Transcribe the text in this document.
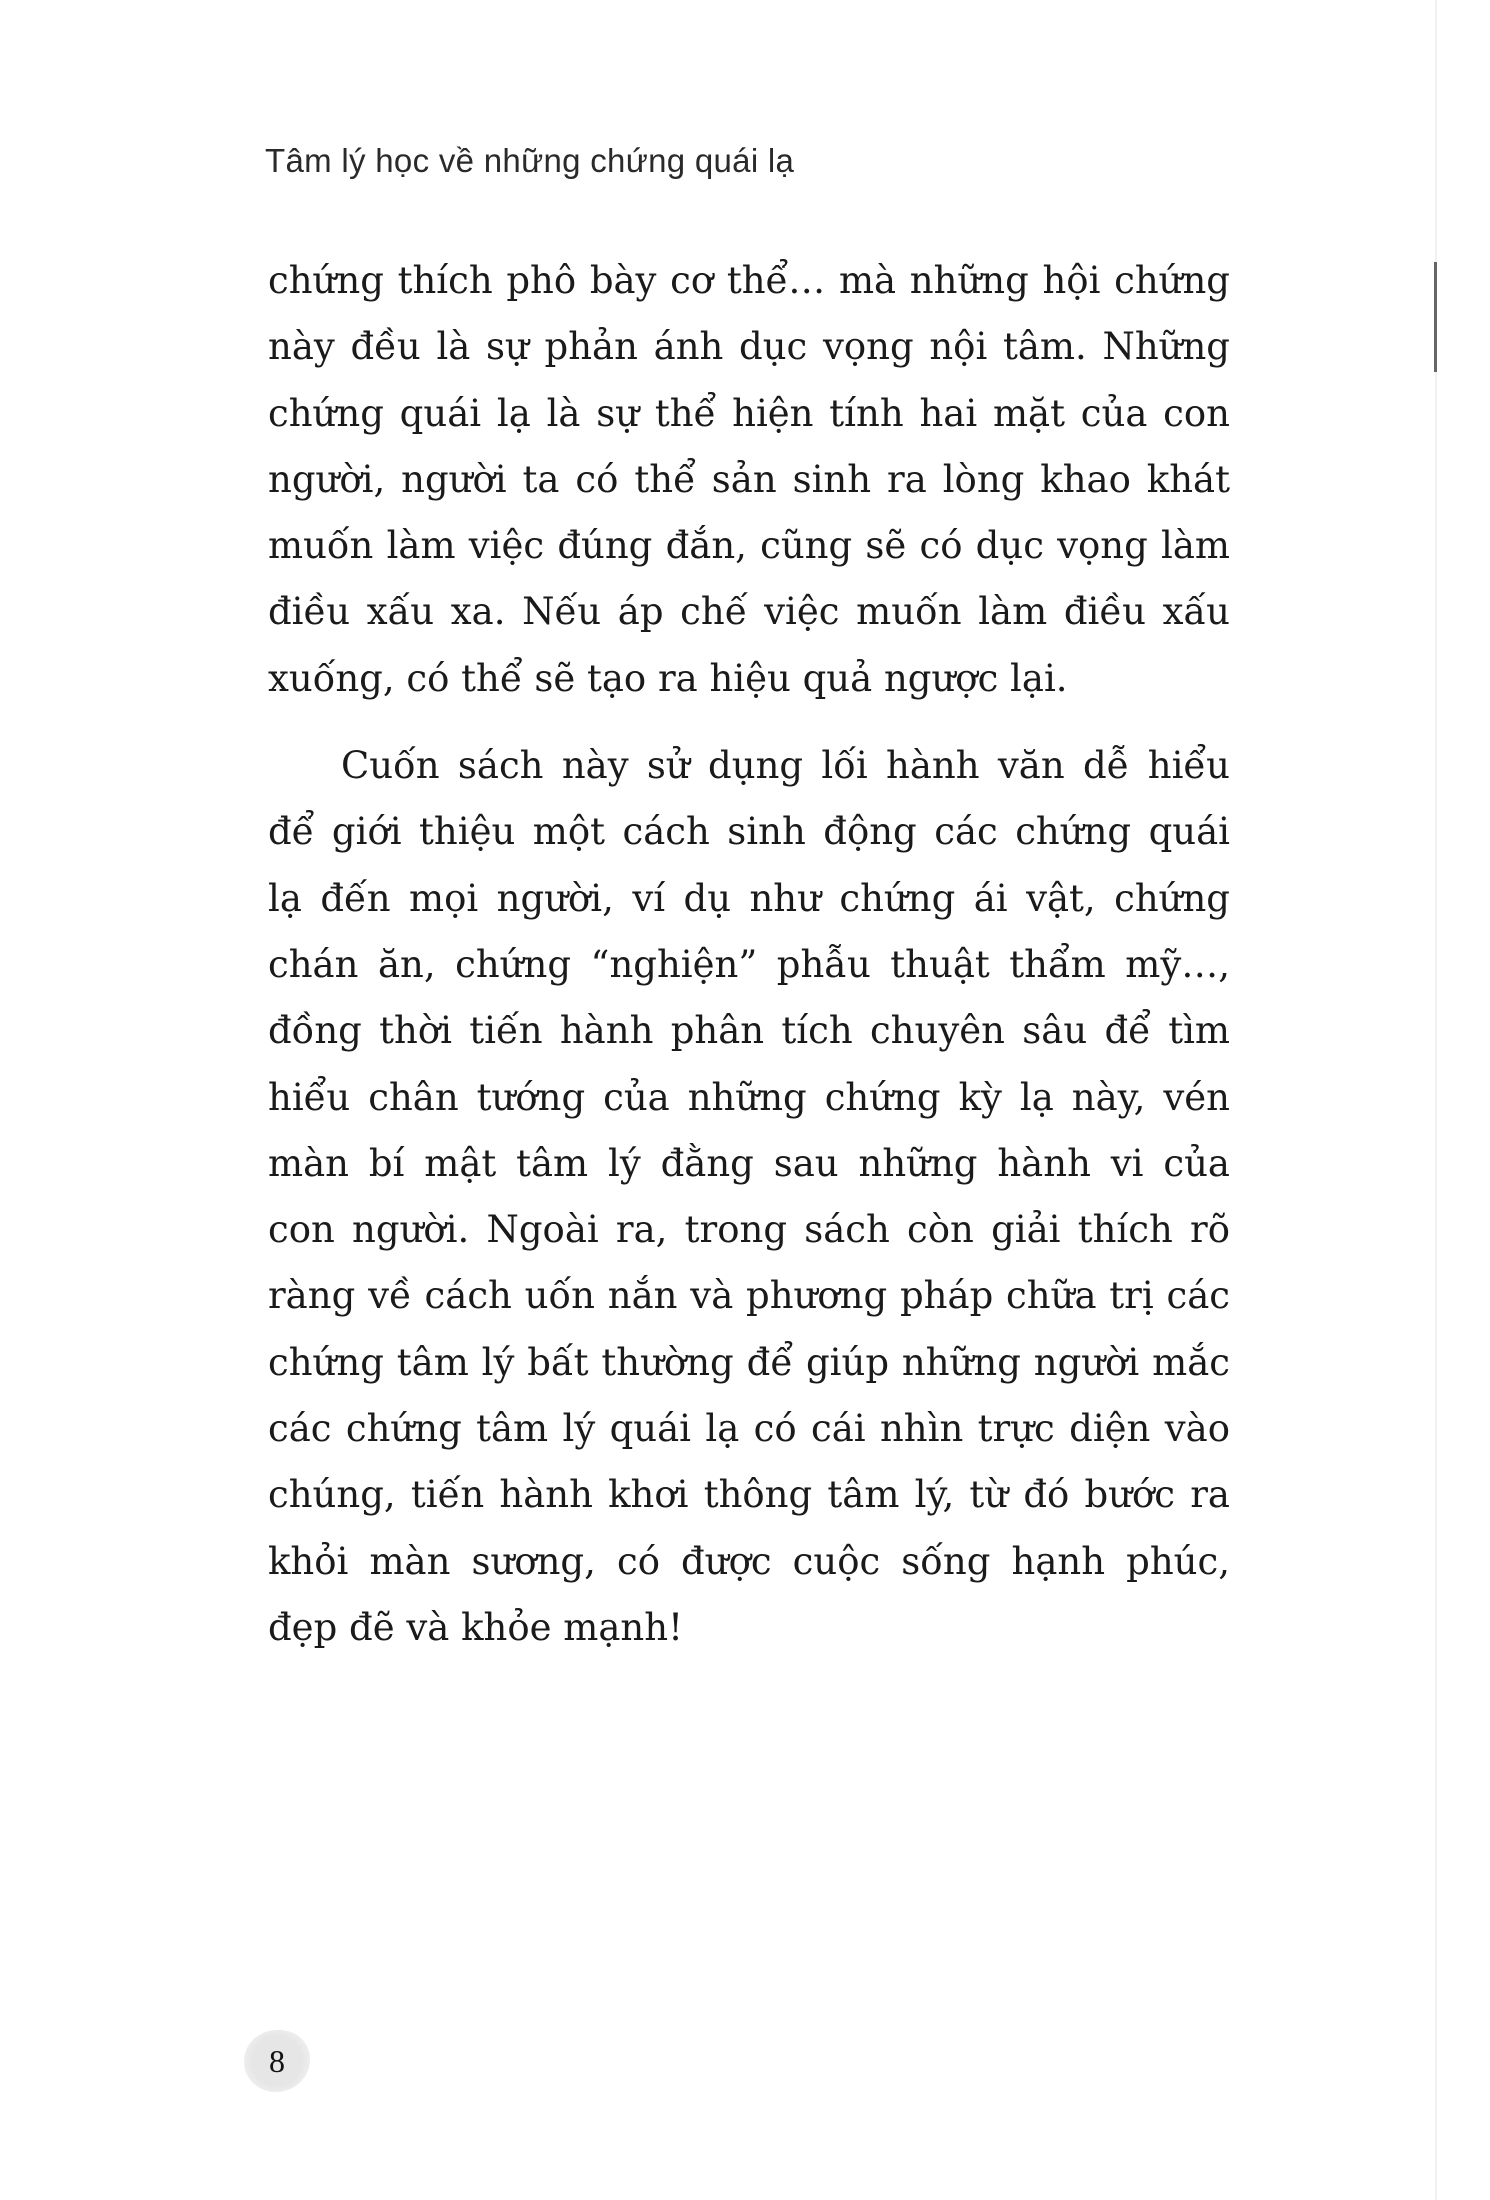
Tâm lý học về những chứng quái lạ
chứng thích phô bày cơ thể… mà những hội chứng
này đều là sự phản ánh dục vọng nội tâm. Những
chứng quái lạ là sự thể hiện tính hai mặt của con
người, người ta có thể sản sinh ra lòng khao khát
muốn làm việc đúng đắn, cũng sẽ có dục vọng làm
điều xấu xa. Nếu áp chế việc muốn làm điều xấu
xuống, có thể sẽ tạo ra hiệu quả ngược lại.
Cuốn sách này sử dụng lối hành văn dễ hiểu
để giới thiệu một cách sinh động các chứng quái
lạ đến mọi người, ví dụ như chứng ái vật, chứng
chán ăn, chứng “nghiện” phẫu thuật thẩm mỹ…,
đồng thời tiến hành phân tích chuyên sâu để tìm
hiểu chân tướng của những chứng kỳ lạ này, vén
màn bí mật tâm lý đằng sau những hành vi của
con người. Ngoài ra, trong sách còn giải thích rõ
ràng về cách uốn nắn và phương pháp chữa trị các
chứng tâm lý bất thường để giúp những người mắc
các chứng tâm lý quái lạ có cái nhìn trực diện vào
chúng, tiến hành khơi thông tâm lý, từ đó bước ra
khỏi màn sương, có được cuộc sống hạnh phúc,
đẹp đẽ và khỏe mạnh!
8
